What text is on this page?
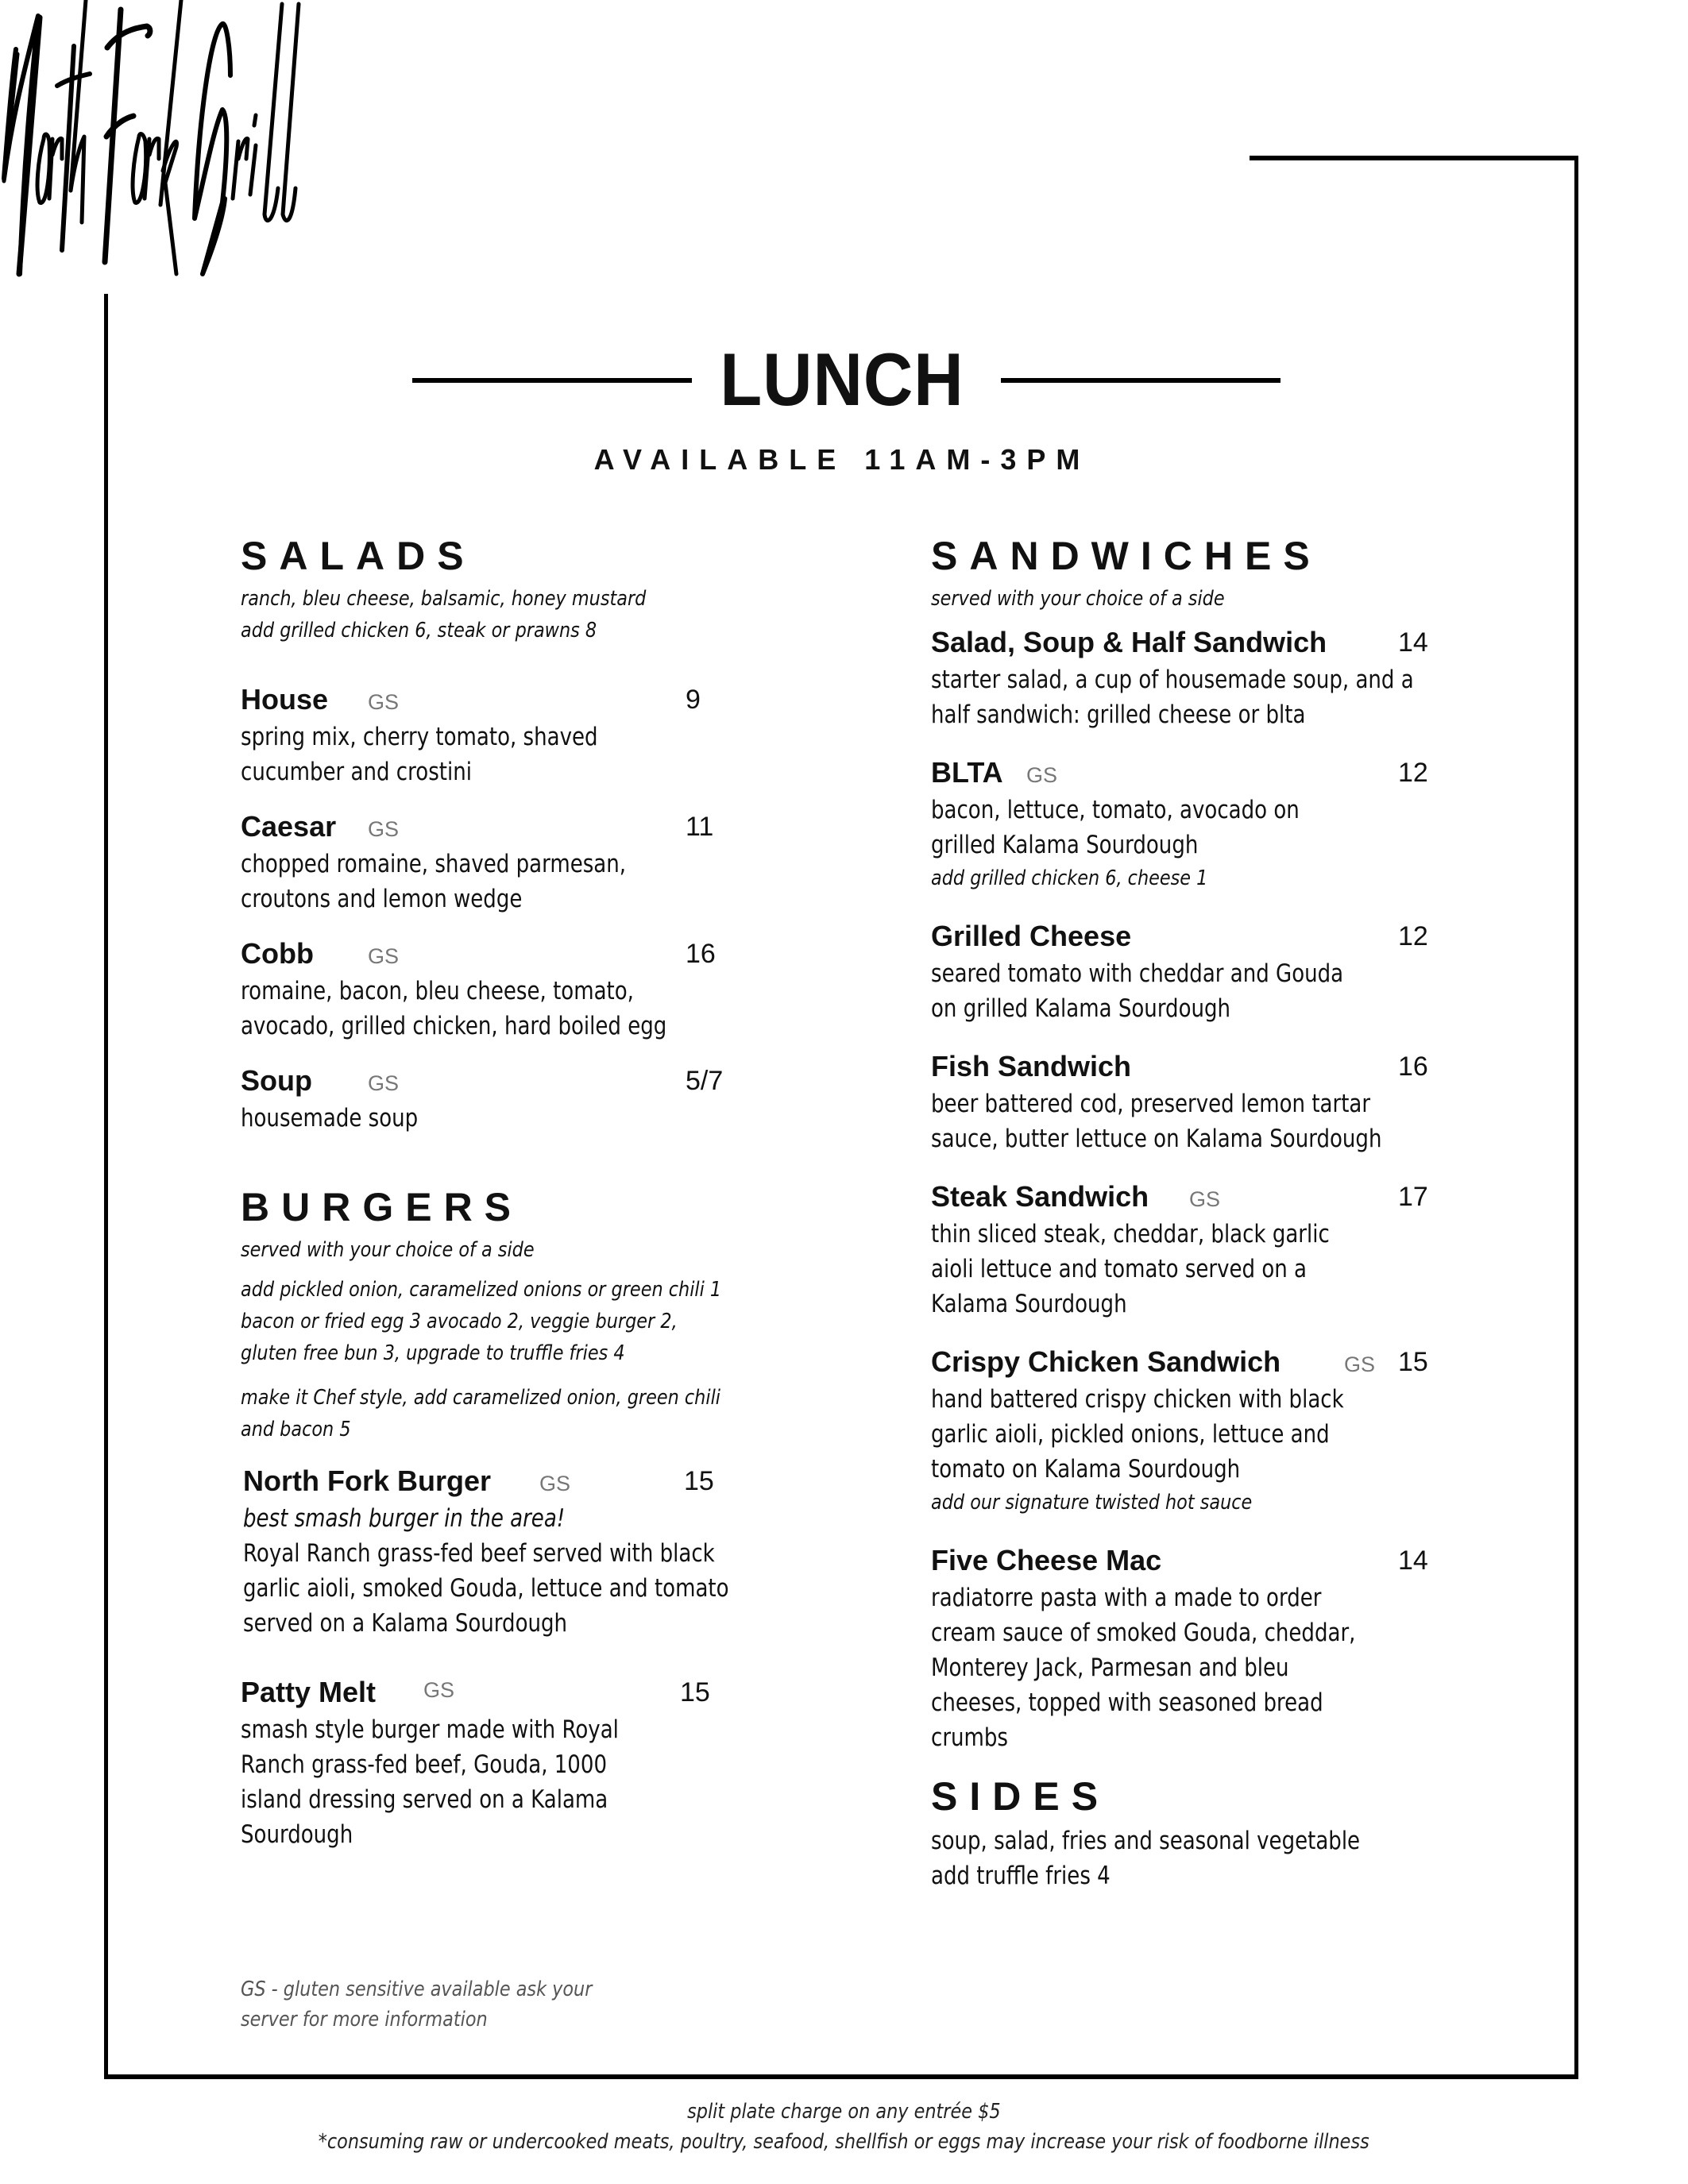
LUNCH
AVAILABLE 11AM-3PM
SALADS
ranch, bleu cheese, balsamic, honey mustard
add grilled chicken 6, steak or prawns 8
House GS	9
spring mix, cherry tomato, shaved
cucumber and crostini
Caesar GS	11
chopped romaine, shaved parmesan,
croutons and lemon wedge
Cobb	GS	16
romaine, bacon, bleu cheese, tomato,
avocado, grilled chicken, hard boiled egg
Soup	GS	5/7
housemade soup
BURGERS
served with your choice of a side
add pickled onion, caramelized onions or green chili 1
bacon or fried egg 3 avocado 2, veggie burger 2,
gluten free bun 3, upgrade to truffle fries 4
make it Chef style, add caramelized onion, green chili
and bacon 5
North Fork Burger GS	15
best smash burger in the area!
Royal Ranch grass-fed beef served with black
garlic aioli, smoked Gouda, lettuce and tomato
served on a Kalama Sourdough
Patty Melt GS	15
smash style burger made with Royal
Ranch grass-fed beef, Gouda, 1000
island dressing served on a Kalama
Sourdough
GS - gluten sensitive available ask your
server for more information
SANDWICHES
served with your choice of a side
Salad, Soup & Half Sandwich	14
starter salad, a cup of housemade soup, and a
half sandwich: grilled cheese or blta
BLTA GS	12
bacon, lettuce, tomato, avocado on
grilled Kalama Sourdough
add grilled chicken 6, cheese 1
Grilled Cheese	12
seared tomato with cheddar and Gouda
on grilled Kalama Sourdough
Fish Sandwich	16
beer battered cod, preserved lemon tartar
sauce, butter lettuce on Kalama Sourdough
Steak Sandwich GS	17
thin sliced steak, cheddar, black garlic
aioli lettuce and tomato served on a
Kalama Sourdough
Crispy Chicken Sandwich	GS 15
hand battered crispy chicken with black
garlic aioli, pickled onions, lettuce and
tomato on Kalama Sourdough
add our signature twisted hot sauce
Five Cheese Mac	14
radiatorre pasta with a made to order
cream sauce of smoked Gouda, cheddar,
Monterey Jack, Parmesan and bleu
cheeses, topped with seasoned bread
crumbs
SIDES
soup, salad, fries and seasonal vegetable
add truffle fries 4
split plate charge on any entrée $5
*consuming raw or undercooked meats, poultry, seafood, shellfish or eggs may increase your risk of foodborne illness
